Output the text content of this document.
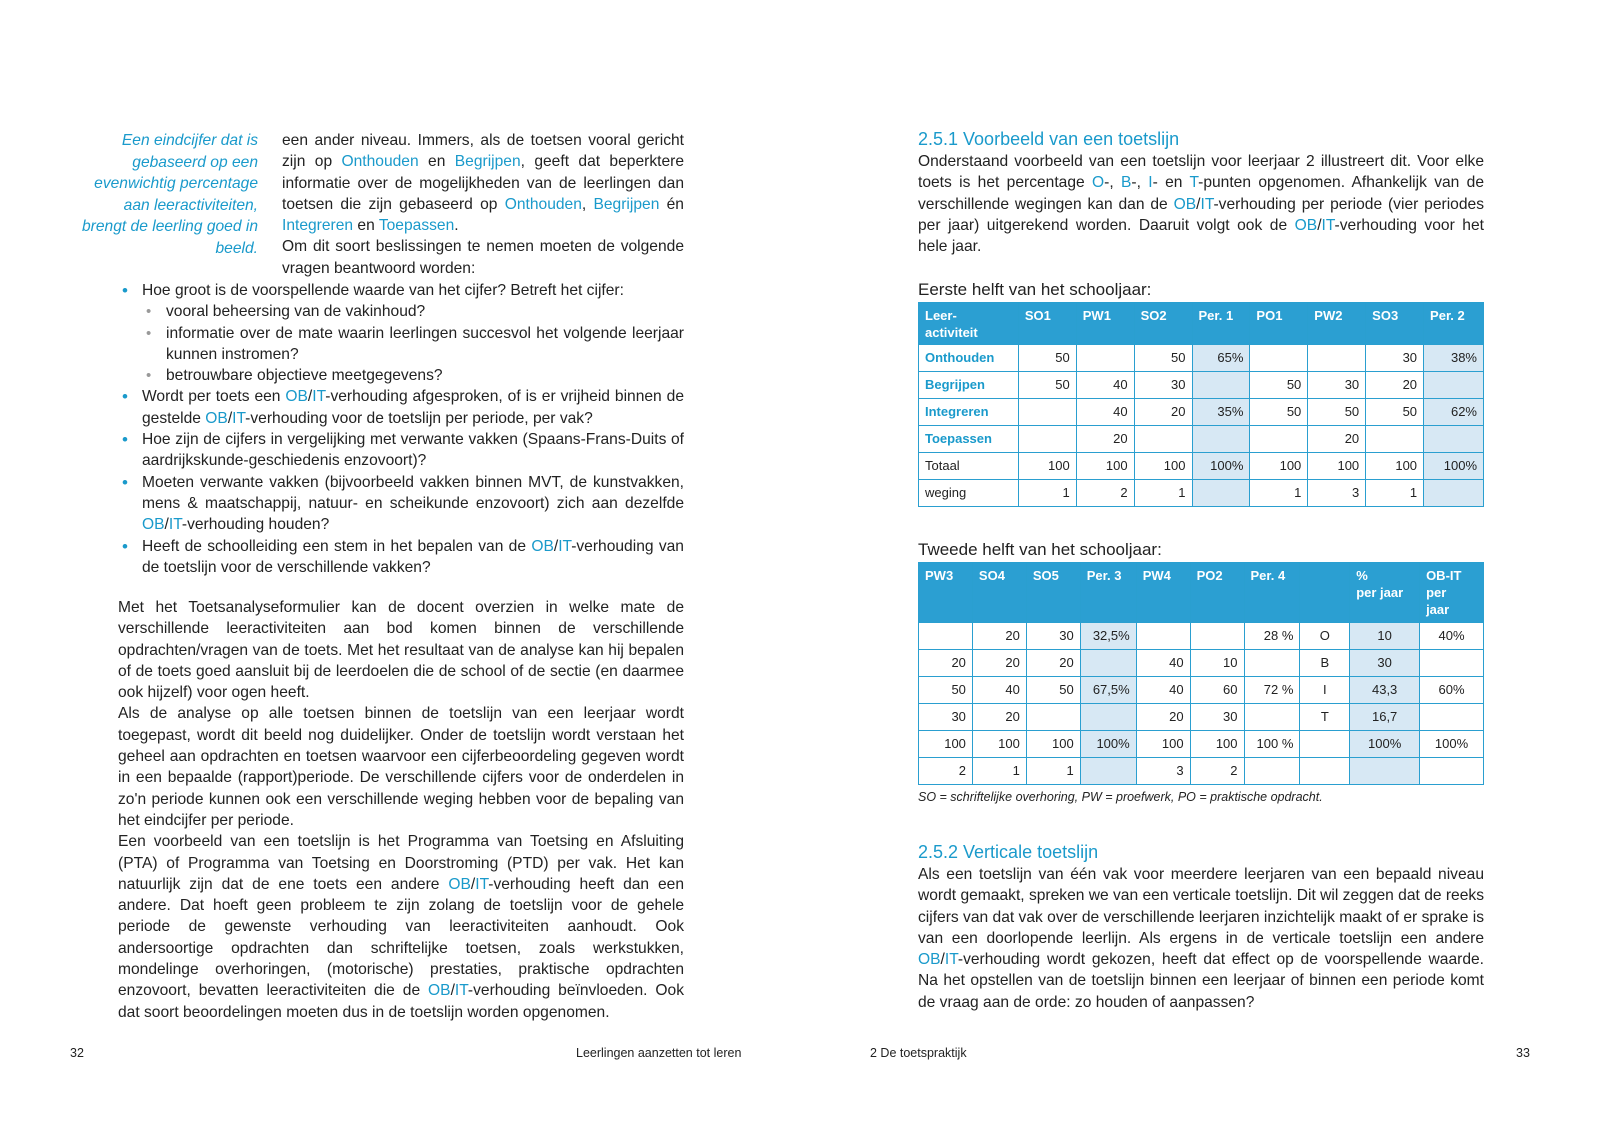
Een eindcijfer dat is
gebaseerd op een
evenwichtig percentage
aan leeractiviteiten,
brengt de leerling goed in
beeld.

een ander niveau. Immers, als de toetsen vooral gericht zijn op Onthouden en Begrijpen, geeft dat beperktere informatie over de mogelijkheden van de leerlingen dan toetsen die zijn gebaseerd op Onthouden, Begrijpen én Integreren en Toepassen.

Om dit soort beslissingen te nemen moeten de volgende vragen beantwoord worden:

• Hoe groot is de voorspellende waarde van het cijfer? Betreft het cijfer:
• vooral beheersing van de vakinhoud?
• informatie over de mate waarin leerlingen succesvol het volgende leerjaar kunnen instromen?
• betrouwbare objectieve meetgegevens?
• Wordt per toets een OB/IT-verhouding afgesproken, of is er vrijheid binnen de gestelde OB/IT-verhouding voor de toetslijn per periode, per vak?
• Hoe zijn de cijfers in vergelijking met verwante vakken (Spaans-Frans-Duits of aardrijkskunde-geschiedenis enzovoort)?
• Moeten verwante vakken (bijvoorbeeld vakken binnen MVT, de kunstvakken, mens & maatschappij, natuur- en scheikunde enzovoort) zich aan dezelfde OB/IT-verhouding houden?
• Heeft de schoolleiding een stem in het bepalen van de OB/IT-verhouding van de toetslijn voor de verschillende vakken?

Met het Toetsanalyseformulier kan de docent overzien in welke mate de verschillende leeractiviteiten aan bod komen binnen de verschillende opdrachten/vragen van de toets. Met het resultaat van de analyse kan hij bepalen of de toets goed aansluit bij de leerdoelen die de school of de sectie (en daarmee ook hijzelf) voor ogen heeft.

Als de analyse op alle toetsen binnen de toetslijn van een leerjaar wordt toegepast, wordt dit beeld nog duidelijker. Onder de toetslijn wordt verstaan het geheel aan opdrachten en toetsen waarvoor een cijferbeoordeling gegeven wordt in een bepaalde (rapport)periode. De verschillende cijfers voor de onderdelen in zo'n periode kunnen ook een verschillende weging hebben voor de bepaling van het eindcijfer per periode.

Een voorbeeld van een toetslijn is het Programma van Toetsing en Afsluiting (PTA) of Programma van Toetsing en Doorstroming (PTD) per vak. Het kan natuurlijk zijn dat de ene toets een andere OB/IT-verhouding heeft dan een andere. Dat hoeft geen probleem te zijn zolang de toetslijn voor de gehele periode de gewenste verhouding van leeractiviteiten aanhoudt. Ook andersoortige opdrachten dan schriftelijke toetsen, zoals werkstukken, mondelinge overhoringen, (motorische) prestaties, praktische opdrachten enzovoort, bevatten leeractiviteiten die de OB/IT-verhouding beïnvloeden. Ook dat soort beoordelingen moeten dus in de toetslijn worden opgenomen.

2.5.1 Voorbeeld van een toetslijn

Onderstaand voorbeeld van een toetslijn voor leerjaar 2 illustreert dit. Voor elke toets is het percentage O-, B-, I- en T-punten opgenomen. Afhankelijk van de verschillende wegingen kan dan de OB/IT-verhouding per periode (vier periodes per jaar) uitgerekend worden. Daaruit volgt ook de OB/IT-verhouding voor het hele jaar.

Eerste helft van het schooljaar:
Leer-
activiteit	SO1	PW1	SO2	Per. 1	PO1	PW2	SO3	Per. 2
Onthouden	50		50	65%			30	38%
Begrijpen	50	40	30		50	30	20	
Integreren		40	20	35%	50	50	50	62%
Toepassen		20				20		
Totaal	100	100	100	100%	100	100	100	100%
weging	1	2	1		1	3	1	
Tweede helft van het schooljaar:
PW3	SO4	SO5	Per. 3	PW4	PO2	Per. 4		%
per jaar	OB-IT
per
jaar
	20	30	32,5%			28 %	O	10	40%
20	20	20		40	10		B	30	
50	40	50	67,5%	40	60	72 %	I	43,3	60%
30	20			20	30		T	16,7	
100	100	100	100%	100	100	100 %		100%	100%
2	1	1		3	2				
SO = schriftelijke overhoring, PW = proefwerk, PO = praktische opdracht.
2.5.2 Verticale toetslijn

Als een toetslijn van één vak voor meerdere leerjaren van een bepaald niveau wordt gemaakt, spreken we van een verticale toetslijn. Dit wil zeggen dat de reeks cijfers van dat vak over de verschillende leerjaren inzichtelijk maakt of er sprake is van een doorlopende leerlijn. Als ergens in de verticale toetslijn een andere OB/IT-verhouding wordt gekozen, heeft dat effect op de voorspellende waarde. Na het opstellen van de toetslijn binnen een leerjaar of binnen een periode komt de vraag aan de orde: zo houden of aanpassen?

32	Leerlingen aanzetten tot leren	2 De toetspraktijk	33
